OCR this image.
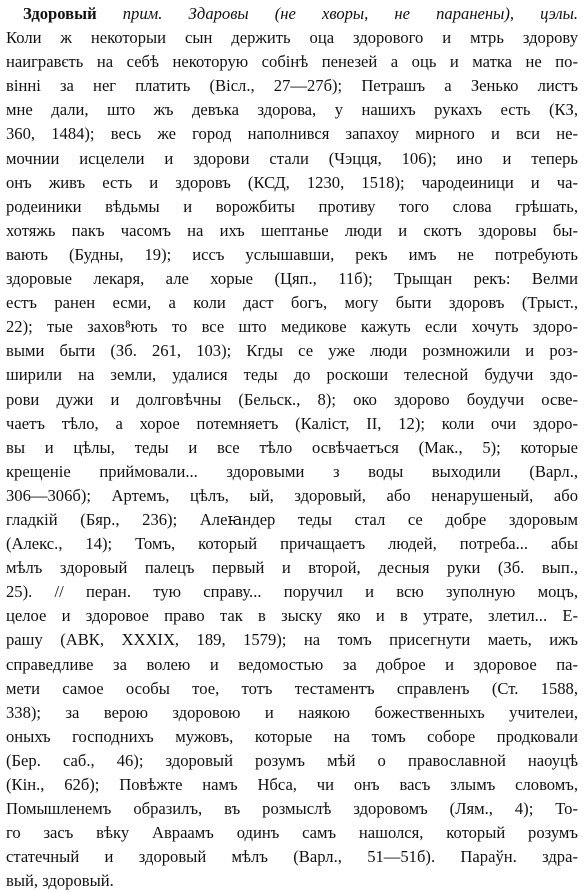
Здоровый прим. Здаровы (не хворы, не паранены), цэлы.
Коли ж некоторыи сын держить оца здорового и мтрь здорову
наигравєть на себѣ некоторую собінѣ пенезей а оць и матка не по-
вінні за нег платить (Вісл., 27—27б); Петрашъ а Зенько листъ
мне дали, што жъ девъка здорова, у нашихъ рукахъ есть (КЗ,
360, 1484); весь же город наполнився запахоу мирного и вси не-
мочнии исцелели и здорови стали (Чэцця, 106); ино и теперь
онъ живъ есть и здоровъ (КСД, 1230, 1518); чародеиници и ча-
родеиники вѣдьмы и ворожбиты противу того слова грѣшать,
хотяжь пакъ часомъ на ихъ шептанье люди и скотъ здоровы бы-
вають (Будны, 19); иссъ услышавши, рекъ имъ не потребують
здоровые лекаря, але хорые (Цяп., 11б); Трыщан рекъ: Велми
естъ ранен есми, а коли даст богъ, могу быти здоровъ (Трыст.,
22); тые захов⁸ють то все што медикове кажуть если хочуть здоро-
выми быти (Зб. 261, 103); Кгды се уже люди розмножили и роз-
ширили на земли, удалися теды до роскоши телесной будучи здо-
рови дужи и долговѣчны (Бельск., 8); око здорово боудучи осве-
чаетъ тѣло, а хорое потемняетъ (Каліст, II, 12); коли очи здоро-
вы и цѣлы, теды и все тѣло освѣчаетъся (Мак., 5); которые
крещеніе приймовали... здоровыми з воды выходили (Варл.,
306—306б); Артемъ, цѣлъ, ый, здоровый, або ненарушеный, або
гладкій (Бяр., 236); Алеꙗндер теды стал се добре здоровым
(Алекс., 14); Томъ, который причащаетъ людей, потреба... абы
мѣлъ здоровый палецъ первый и второй, десныя руки (Зб. вып.,
25). // перан. тую справу... поручил и всю зуполную моцъ,
целое и здоровое право так в зыску яко и в утрате, злетил... Е-
рашу (АВК, XXXIX, 189, 1579); на томъ присегнути маеть, ижъ
справедливе за волею и ведомостью за доброе и здоровое па-
мети самое особы тое, тотъ тестаментъ справленъ (Ст. 1588,
338); за верою здоровою и наякою божественныхъ учителеи,
оныхъ господнихъ мужовъ, которые на томъ соборе продковали
(Бер. саб., 46); здоровый розумъ мѣй о православной наоуцѣ
(Кін., 62б); Повѣжте намъ Нбса, чи онъ васъ злымъ словомъ,
Помышленемъ образилъ, въ розмыслѣ здоровомъ (Лям., 4); То-
го засъ вѣку Авраамъ одинъ самъ нашолся, который розумъ
статечный и здоровый мѣлъ (Варл., 51—51б). Параўн. здра-
вый, здоровый.
